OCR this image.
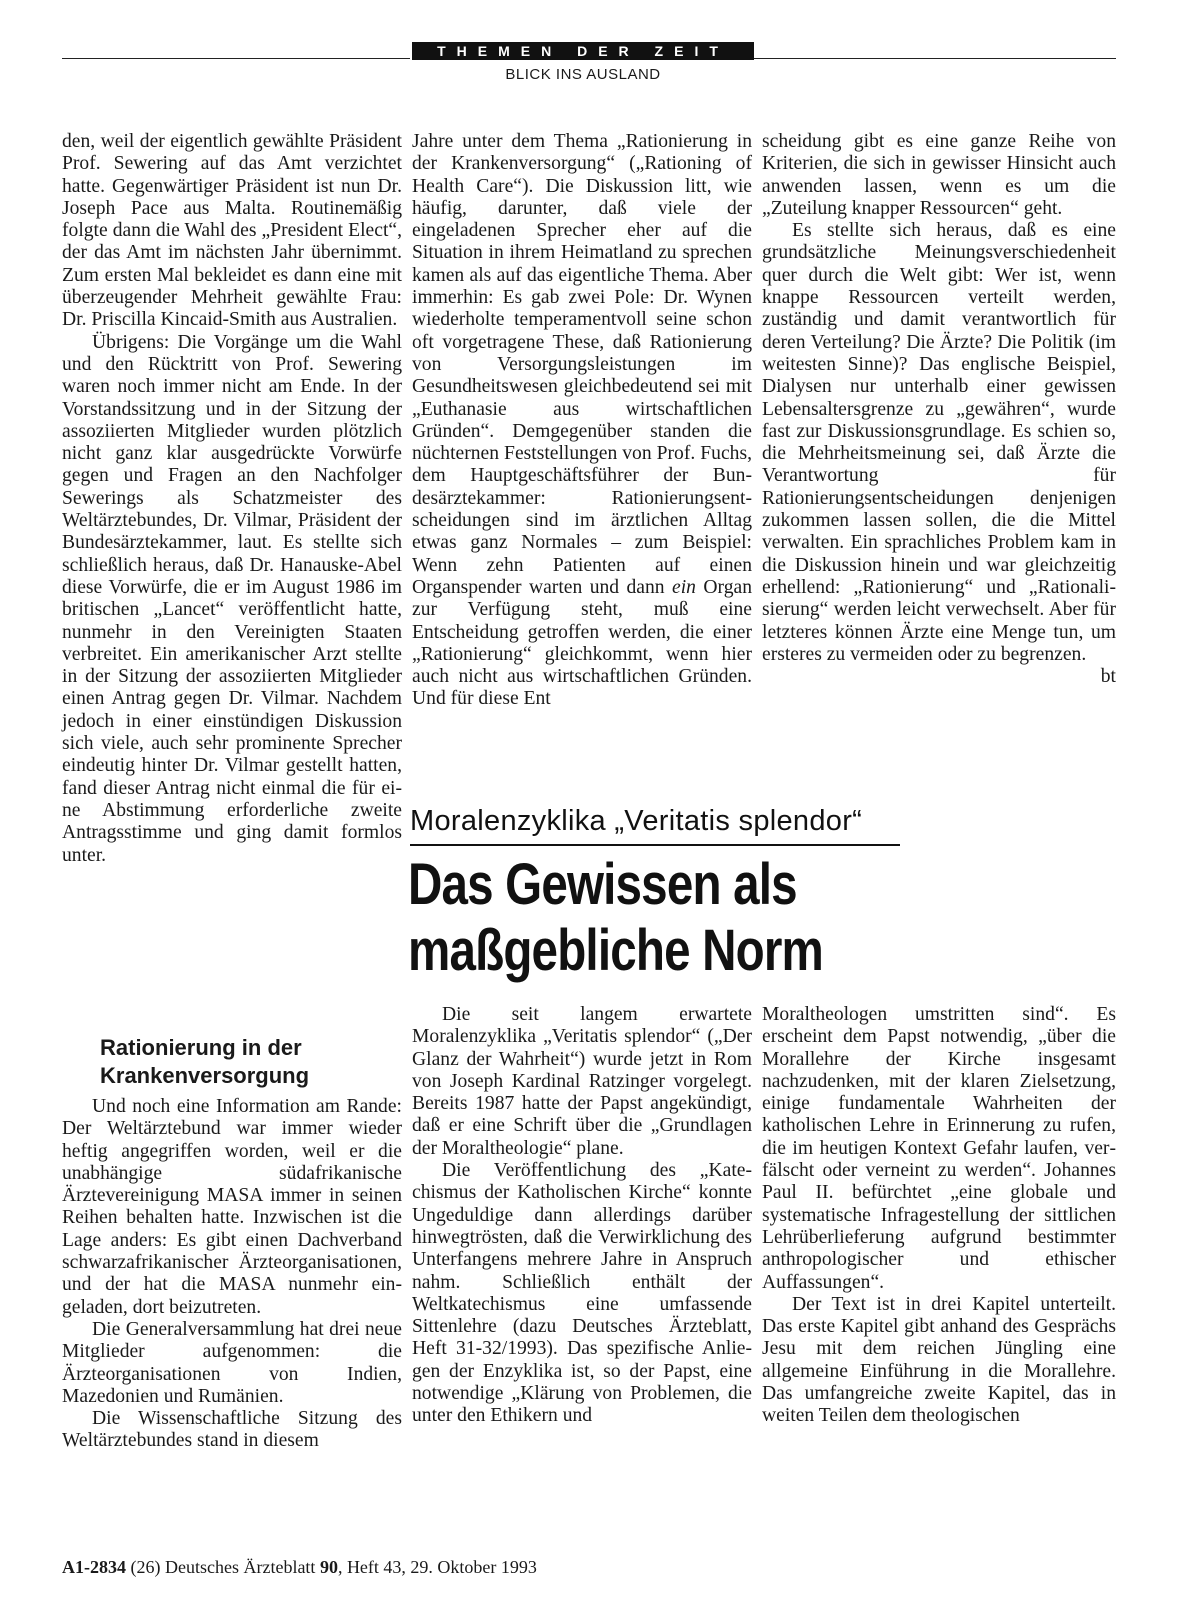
THEMEN DER ZEIT
BLICK INS AUSLAND

den, weil der eigentlich gewählte Präsident Prof. Sewering auf das Amt verzichtet hatte. Gegenwärtiger Präsident ist nun Dr. Joseph Pace aus Malta. Routinemäßig folgte dann die Wahl des „President Elect“, der das Amt im nächsten Jahr übernimmt. Zum ersten Mal bekleidet es dann eine mit überzeugender Mehrheit gewählte Frau: Dr. Priscilla Kincaid-Smith aus Australien.

Übrigens: Die Vorgänge um die Wahl und den Rücktritt von Prof. Sewering waren noch immer nicht am Ende. In der Vorstandssitzung und in der Sitzung der assoziierten Mitglieder wurden plötzlich nicht ganz klar ausgedrückte Vorwürfe gegen und Fragen an den Nachfolger Sewerings als Schatzmeister des Weltärztebundes, Dr. Vilmar, Präsident der Bundesärztekammer, laut. Es stellte sich schließlich heraus, daß Dr. Hanauske-Abel diese Vorwürfe, die er im August 1986 im britischen „Lancet“ veröffentlicht hatte, nunmehr in den Vereinigten Staaten verbreitet. Ein amerikanischer Arzt stellte in der Sitzung der assoziierten Mitglieder einen Antrag gegen Dr. Vilmar. Nachdem jedoch in einer einstündigen Diskussion sich viele, auch sehr prominente Sprecher eindeutig hinter Dr. Vilmar gestellt hatten, fand dieser Antrag nicht einmal die für eine Abstimmung erforderliche zweite Antragsstimme und ging damit formlos unter.

Rationierung in der Krankenversorgung

Und noch eine Information am Rande: Der Weltärztebund war immer wieder heftig angegriffen worden, weil er die unabhängige südafrikanische Ärztevereinigung MASA immer in seinen Reihen behalten hatte. Inzwischen ist die Lage anders: Es gibt einen Dachverband schwarzafrikanischer Ärzteorganisationen, und der hat die MASA nunmehr eingeladen, dort beizutreten.

Die Generalversammlung hat drei neue Mitglieder aufgenommen: die Ärzteorganisationen von Indien, Mazedonien und Rumänien.

Die Wissenschaftliche Sitzung des Weltärztebundes stand in diesem

Jahre unter dem Thema „Rationierung in der Krankenversorgung“ („Rationing of Health Care“). Die Diskussion litt, wie häufig, darunter, daß viele der eingeladenen Sprecher eher auf die Situation in ihrem Heimatland zu sprechen kamen als auf das eigentliche Thema. Aber immerhin: Es gab zwei Pole: Dr. Wynen wiederholte temperamentvoll seine schon oft vorgetragene These, daß Rationierung von Versorgungsleistungen im Gesundheitswesen gleichbedeutend sei mit „Euthanasie aus wirtschaftlichen Gründen“. Demgegenüber standen die nüchternen Feststellungen von Prof. Fuchs, dem Hauptgeschäftsführer der Bundesärztekammer: Rationierungsentscheidungen sind im ärztlichen Alltag etwas ganz Normales – zum Beispiel: Wenn zehn Patienten auf einen Organspender warten und dann ein Organ zur Verfügung steht, muß eine Entscheidung getroffen werden, die einer „Rationierung“ gleichkommt, wenn hier auch nicht aus wirtschaftlichen Gründen. Und für diese Ent

scheidung gibt es eine ganze Reihe von Kriterien, die sich in gewisser Hinsicht auch anwenden lassen, wenn es um die „Zuteilung knapper Ressourcen“ geht.

Es stellte sich heraus, daß es eine grundsätzliche Meinungsverschiedenheit quer durch die Welt gibt: Wer ist, wenn knappe Ressourcen verteilt werden, zuständig und damit verantwortlich für deren Verteilung? Die Ärzte? Die Politik (im weitesten Sinne)? Das englische Beispiel, Dialysen nur unterhalb einer gewissen Lebensaltersgrenze zu „gewähren“, wurde fast zur Diskussionsgrundlage. Es schien so, die Mehrheitsmeinung sei, daß Ärzte die Verantwortung für Rationierungsentscheidungen denjenigen zukommen lassen sollen, die die Mittel verwalten. Ein sprachliches Problem kam in die Diskussion hinein und war gleichzeitig erhellend: „Rationierung“ und „Rationalisierung“ werden leicht verwechselt. Aber für letzteres können Ärzte eine Menge tun, um ersteres zu vermeiden oder zu begrenzen.
bt

Moralenzyklika „Veritatis splendor“
Das Gewissen als
maßgebliche Norm

Die seit langem erwartete Moralenzyklika „Veritatis splendor“ („Der Glanz der Wahrheit“) wurde jetzt in Rom von Joseph Kardinal Ratzinger vorgelegt. Bereits 1987 hatte der Papst angekündigt, daß er eine Schrift über die „Grundlagen der Moraltheologie“ plane.

Die Veröffentlichung des „Katechismus der Katholischen Kirche“ konnte Ungeduldige dann allerdings darüber hinwegtrösten, daß die Verwirklichung des Unterfangens mehrere Jahre in Anspruch nahm. Schließlich enthält der Weltkatechismus eine umfassende Sittenlehre (dazu Deutsches Ärzteblatt, Heft 31-32/1993). Das spezifische Anliegen der Enzyklika ist, so der Papst, eine notwendige „Klärung von Problemen, die unter den Ethikern und

Moraltheologen umstritten sind“. Es erscheint dem Papst notwendig, „über die Morallehre der Kirche insgesamt nachzudenken, mit der klaren Zielsetzung, einige fundamentale Wahrheiten der katholischen Lehre in Erinnerung zu rufen, die im heutigen Kontext Gefahr laufen, verfälscht oder verneint zu werden“. Johannes Paul II. befürchtet „eine globale und systematische Infragestellung der sittlichen Lehrüberlieferung aufgrund bestimmter anthropologischer und ethischer Auffassungen“.

Der Text ist in drei Kapitel unterteilt. Das erste Kapitel gibt anhand des Gesprächs Jesu mit dem reichen Jüngling eine allgemeine Einführung in die Morallehre. Das umfangreiche zweite Kapitel, das in weiten Teilen dem theologischen

A1-2834 (26) Deutsches Ärzteblatt 90, Heft 43, 29. Oktober 1993
